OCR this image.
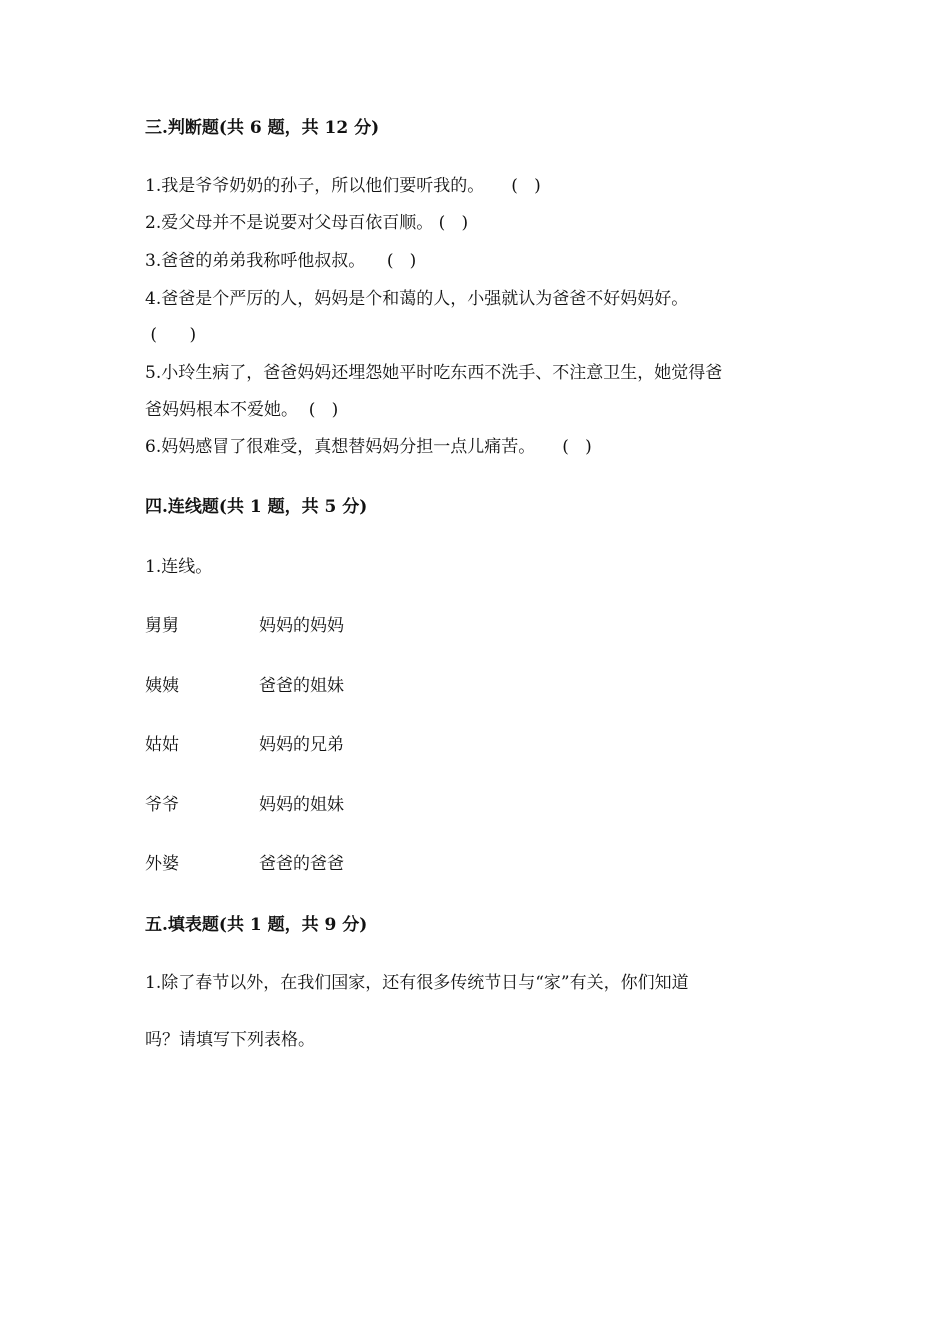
三.判断题(共 6 题，共 12 分)
1.我是爷爷奶奶的孙子，所以他们要听我的。     (   )
2.爱父母并不是说要对父母百依百顺。 (   )
3.爸爸的弟弟我称呼他叔叔。    (   )
4.爸爸是个严厉的人，妈妈是个和蔼的人，小强就认为爸爸不好妈妈好。
(      )
5.小玲生病了，爸爸妈妈还埋怨她平时吃东西不洗手、不注意卫生，她觉得爸
爸妈妈根本不爱她。  (   )
6.妈妈感冒了很难受，真想替妈妈分担一点儿痛苦。     (   )
四.连线题(共 1 题，共 5 分)
1.连线。
舅舅	妈妈的妈妈
姨姨	爸爸的姐妹
姑姑	妈妈的兄弟
爷爷	妈妈的姐妹
外婆	爸爸的爸爸
五.填表题(共 1 题，共 9 分)
1.除了春节以外，在我们国家，还有很多传统节日与“家”有关，你们知道
吗？请填写下列表格。
